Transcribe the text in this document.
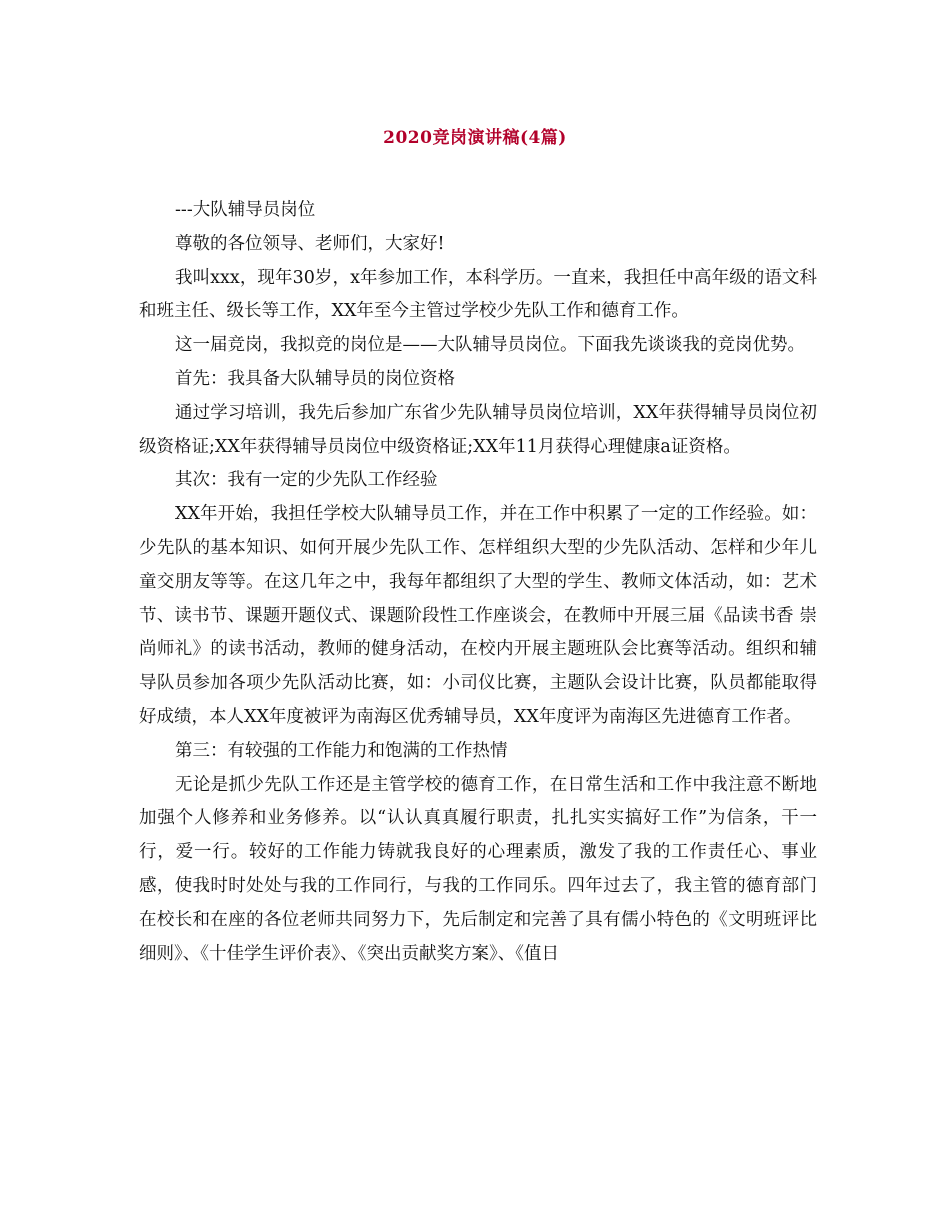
2020竞岗演讲稿(4篇)

---大队辅导员岗位

尊敬的各位领导、老师们，大家好!

我叫xxx，现年30岁，x年参加工作，本科学历。一直来，我担任中高年级的语文科和班主任、级长等工作，XX年至今主管过学校少先队工作和德育工作。

这一届竞岗，我拟竞的岗位是——大队辅导员岗位。下面我先谈谈我的竞岗优势。

首先：我具备大队辅导员的岗位资格

通过学习培训，我先后参加广东省少先队辅导员岗位培训，XX年获得辅导员岗位初级资格证;XX年获得辅导员岗位中级资格证;XX年11月获得心理健康a证资格。

其次：我有一定的少先队工作经验

XX年开始，我担任学校大队辅导员工作，并在工作中积累了一定的工作经验。如：少先队的基本知识、如何开展少先队工作、怎样组织大型的少先队活动、怎样和少年儿童交朋友等等。在这几年之中，我每年都组织了大型的学生、教师文体活动，如：艺术节、读书节、课题开题仪式、课题阶段性工作座谈会，在教师中开展三届《品读书香 崇尚师礼》的读书活动，教师的健身活动，在校内开展主题班队会比赛等活动。组织和辅导队员参加各项少先队活动比赛，如：小司仪比赛，主题队会设计比赛，队员都能取得好成绩，本人XX年度被评为南海区优秀辅导员，XX年度评为南海区先进德育工作者。

第三：有较强的工作能力和饱满的工作热情

无论是抓少先队工作还是主管学校的德育工作，在日常生活和工作中我注意不断地加强个人修养和业务修养。以“认认真真履行职责，扎扎实实搞好工作”为信条，干一行，爱一行。较好的工作能力铸就我良好的心理素质，激发了我的工作责任心、事业感，使我时时处处与我的工作同行，与我的工作同乐。四年过去了，我主管的德育部门在校长和在座的各位老师共同努力下，先后制定和完善了具有儒小特色的《文明班评比细则》、《十佳学生评价表》、《突出贡献奖方案》、《值日
